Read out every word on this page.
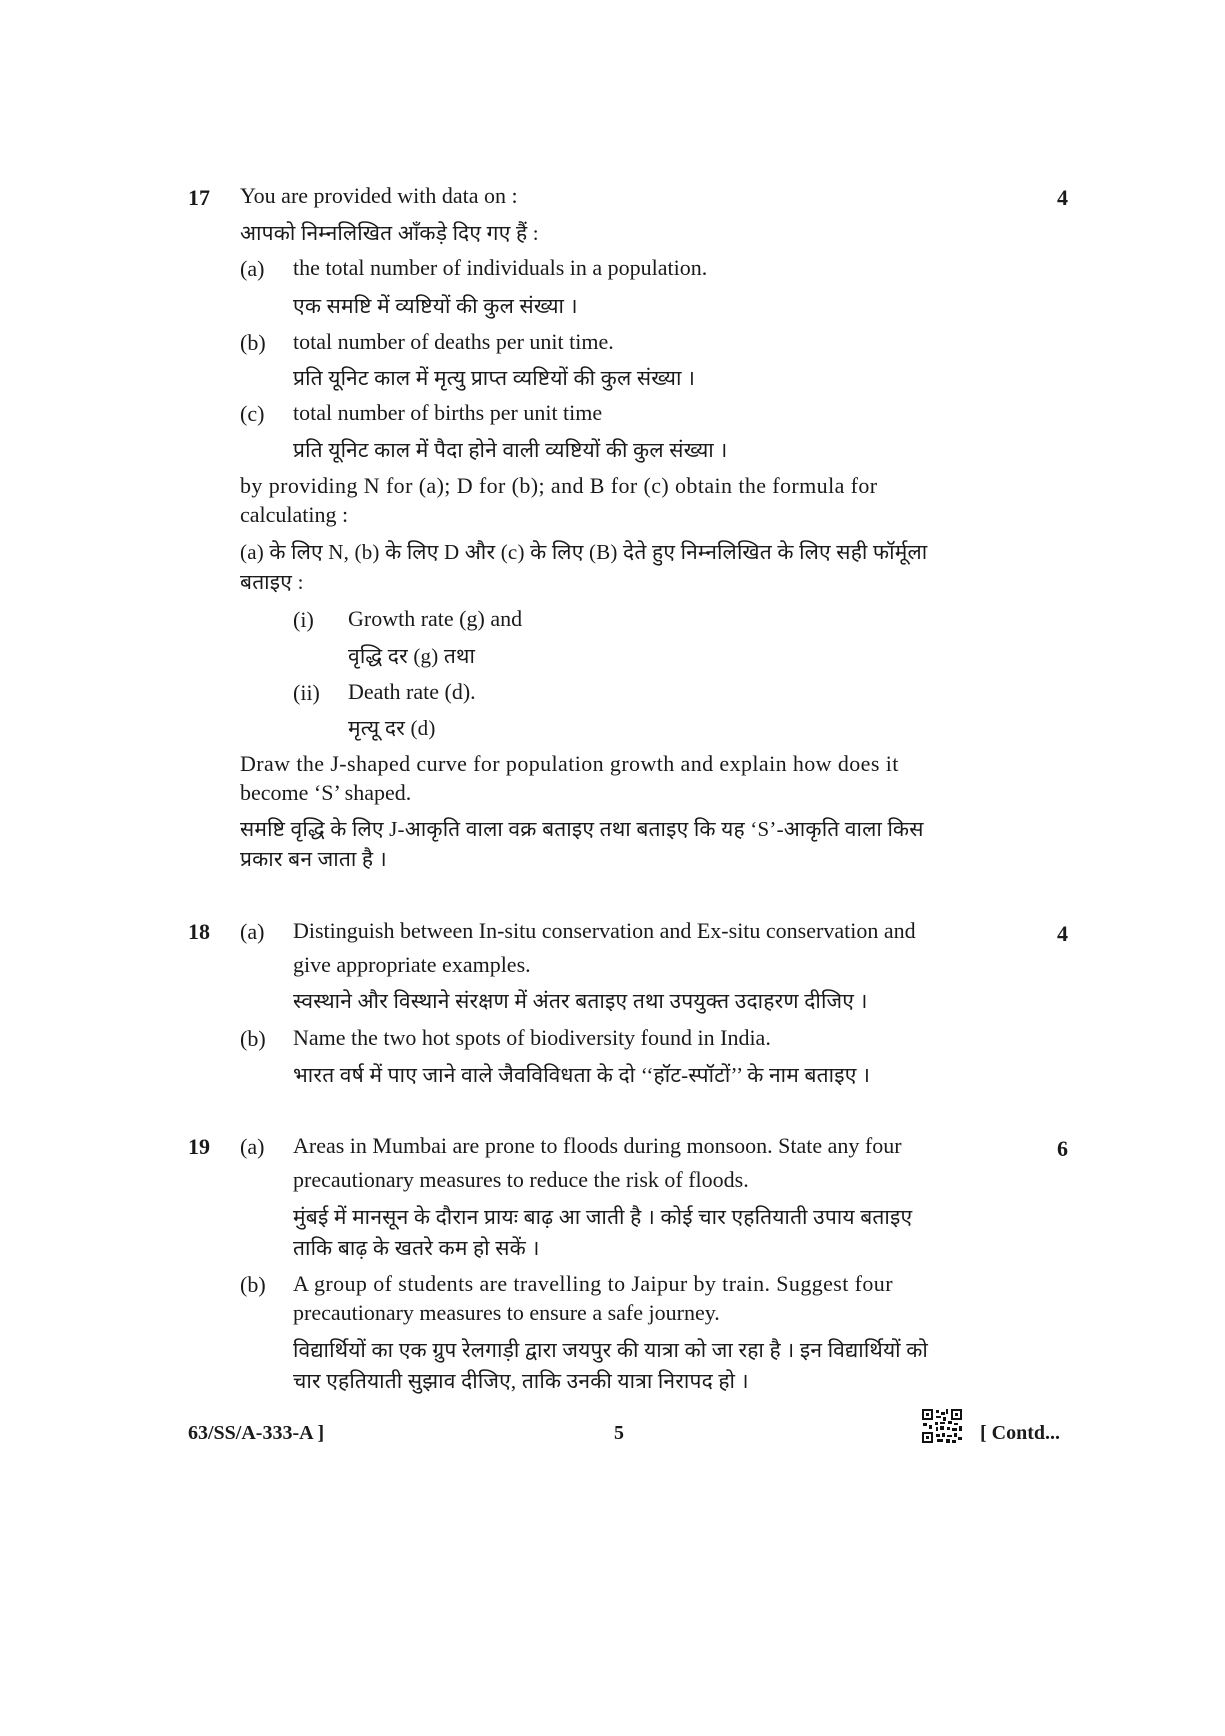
17	4
You are provided with data on :
आपको निम्नलिखित आँकड़े दिए गए हैं :
(a) the total number of individuals in a population.
एक समष्टि में व्यष्टियों की कुल संख्या ।
(b) total number of deaths per unit time.
प्रति यूनिट काल में मृत्यु प्राप्त व्यष्टियों की कुल संख्या ।
(c) total number of births per unit time
प्रति यूनिट काल में पैदा होने वाली व्यष्टियों की कुल संख्या ।
by providing N for (a); D for (b); and B for (c) obtain the formula for
calculating :
(a) के लिए N, (b) के लिए D और (c) के लिए (B) देते हुए निम्नलिखित के लिए सही फॉर्मूला
बताइए :
(i) Growth rate (g) and
वृद्धि दर (g) तथा
(ii) Death rate (d).
मृत्यू दर (d)
Draw the J-shaped curve for population growth and explain how does it
become ‘S’ shaped.
समष्टि वृद्धि के लिए J-आकृति वाला वक्र बताइए तथा बताइए कि यह ‘S’-आकृति वाला किस
प्रकार बन जाता है ।
18	4
(a) Distinguish between In-situ conservation and Ex-situ conservation and
give appropriate examples.
स्वस्थाने और विस्थाने संरक्षण में अंतर बताइए तथा उपयुक्त उदाहरण दीजिए ।
(b) Name the two hot spots of biodiversity found in India.
भारत वर्ष में पाए जाने वाले जैवविविधता के दो ‘‘हॉट-स्पॉटों’’ के नाम बताइए ।
19	6
(a) Areas in Mumbai are prone to floods during monsoon. State any four
precautionary measures to reduce the risk of floods.
मुंबई में मानसून के दौरान प्रायः बाढ़ आ जाती है । कोई चार एहतियाती उपाय बताइए
ताकि बाढ़ के खतरे कम हो सकें ।
(b) A group of students are travelling to Jaipur by train. Suggest four
precautionary measures to ensure a safe journey.
विद्यार्थियों का एक ग्रुप रेलगाड़ी द्वारा जयपुर की यात्रा को जा रहा है । इन विद्यार्थियों को
चार एहतियाती सुझाव दीजिए, ताकि उनकी यात्रा निरापद हो ।
63/SS/A-333-A ]	5	[ Contd...
